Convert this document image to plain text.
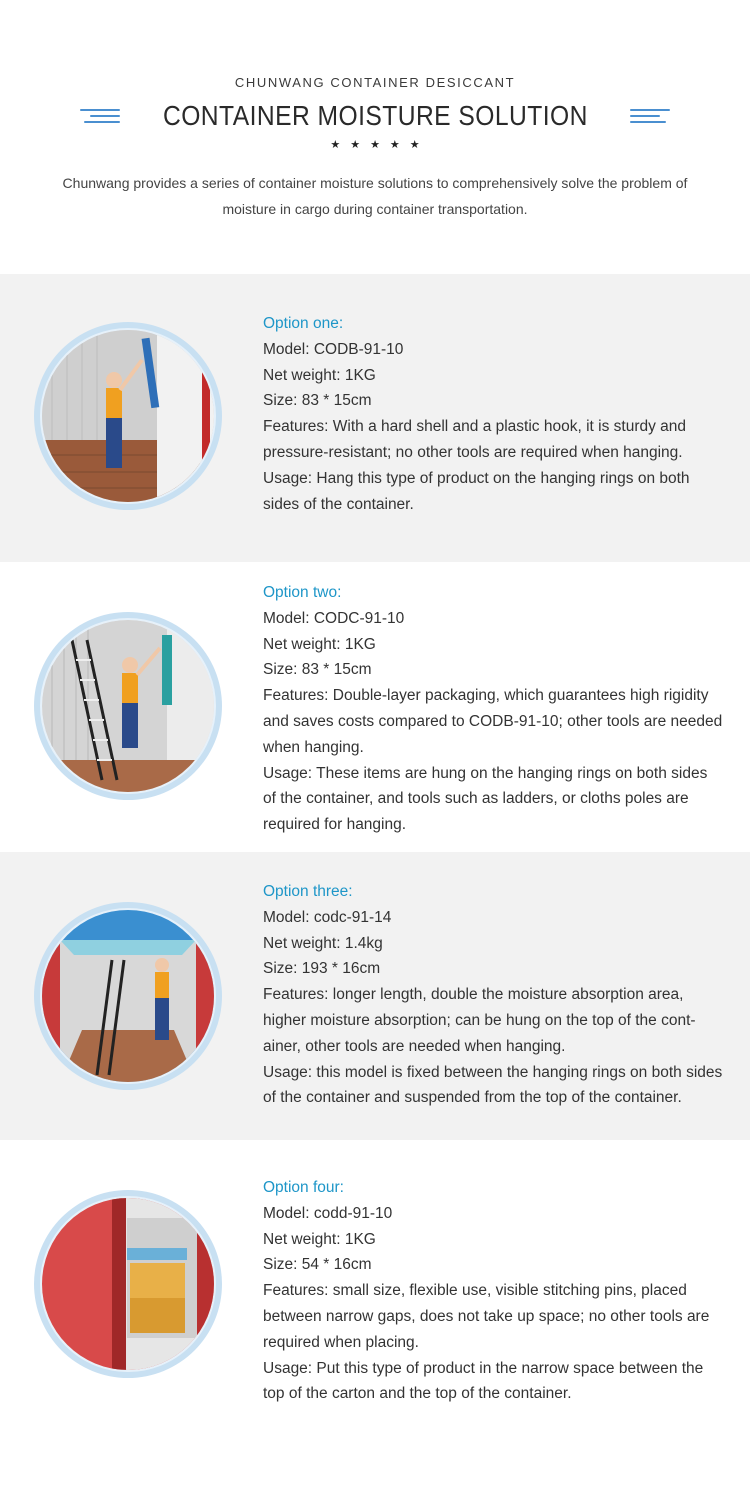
CHUNWANG CONTAINER DESICCANT
CONTAINER MOISTURE SOLUTION
★★★★★
Chunwang provides a series of container moisture solutions to comprehensively solve the problem of moisture in cargo during container transportation.
Option one:
Model: CODB-91-10
Net weight: 1KG
Size: 83 * 15cm
Features: With a hard shell and a plastic hook, it is sturdy and pressure-resistant; no other tools are required when hanging.
Usage: Hang this type of product on the hanging rings on both sides of the container.
Option two:
Model: CODC-91-10
Net weight: 1KG
Size: 83 * 15cm
Features: Double-layer packaging, which guarantees high rigidity and saves costs compared to CODB-91-10; other tools are needed when hanging.
Usage: These items are hung on the hanging rings on both sides of the container, and tools such as ladders, or cloths poles are required for hanging.
Option three:
Model: codc-91-14
Net weight: 1.4kg
Size: 193 * 16cm
Features: longer length, double the moisture absorption area, higher moisture absorption; can be hung on the top of the cont-ainer, other tools are needed when hanging.
Usage: this model is fixed between the hanging rings on both sides of the container and suspended from the top of the container.
Option four:
Model: codd-91-10
Net weight: 1KG
Size: 54 * 16cm
Features: small size, flexible use, visible stitching pins, placed between narrow gaps, does not take up space; no other tools are required when placing.
Usage: Put this type of product in the narrow space between the top of the carton and the top of the container.
